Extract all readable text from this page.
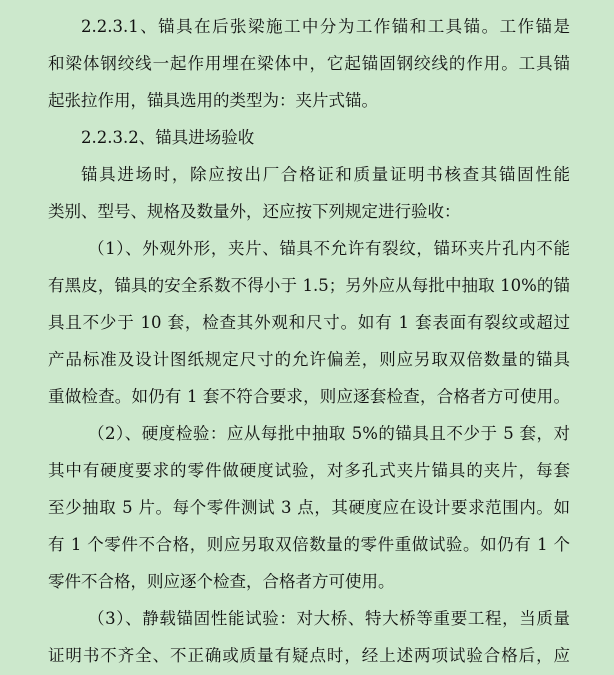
2.2.3.1、锚具在后张梁施工中分为工作锚和工具锚。工作锚是
和梁体钢绞线一起作用埋在梁体中，它起锚固钢绞线的作用。工具锚
起张拉作用，锚具选用的类型为：夹片式锚。
2.2.3.2、锚具进场验收
锚具进场时，除应按出厂合格证和质量证明书核查其锚固性能
类别、型号、规格及数量外，还应按下列规定进行验收：
（1）、外观外形，夹片、锚具不允许有裂纹，锚环夹片孔内不能
有黑皮，锚具的安全系数不得小于 1.5；另外应从每批中抽取 10%的锚
具且不少于 10 套，检查其外观和尺寸。如有 1 套表面有裂纹或超过
产品标准及设计图纸规定尺寸的允许偏差，则应另取双倍数量的锚具
重做检查。如仍有 1 套不符合要求，则应逐套检查，合格者方可使用。
（2）、硬度检验：应从每批中抽取 5%的锚具且不少于 5 套，对
其中有硬度要求的零件做硬度试验，对多孔式夹片锚具的夹片，每套
至少抽取 5 片。每个零件测试 3 点，其硬度应在设计要求范围内。如
有 1 个零件不合格，则应另取双倍数量的零件重做试验。如仍有 1 个
零件不合格，则应逐个检查，合格者方可使用。
（3）、静载锚固性能试验：对大桥、特大桥等重要工程，当质量
证明书不齐全、不正确或质量有疑点时，经上述两项试验合格后，应
